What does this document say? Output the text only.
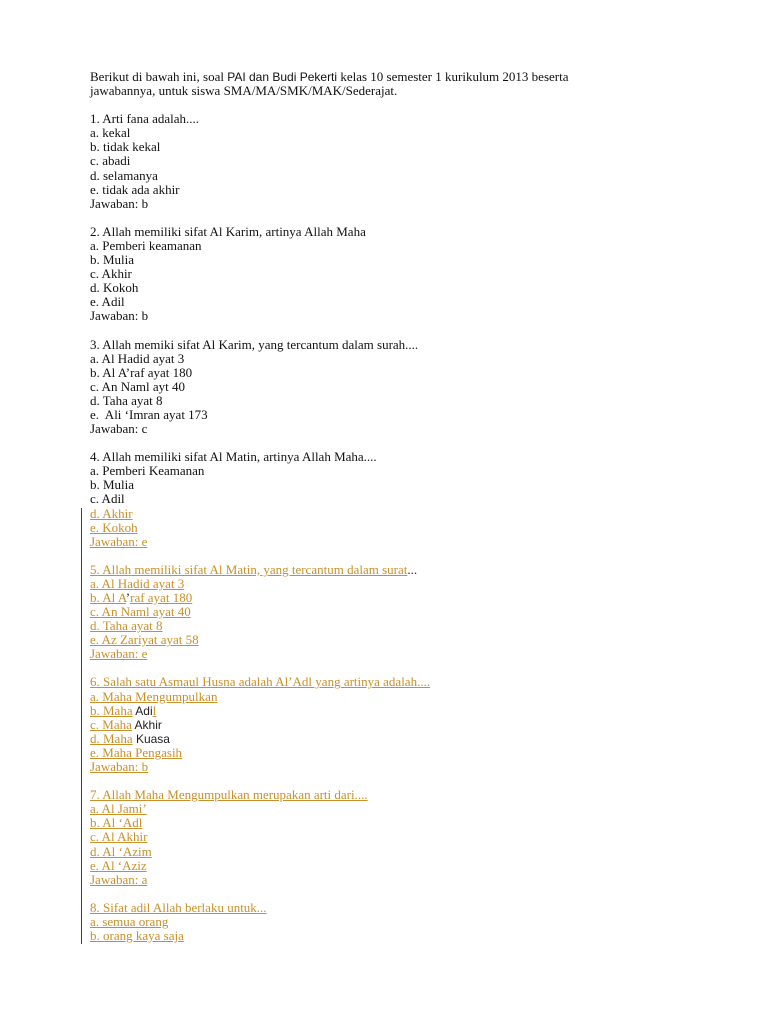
Berikut di bawah ini, soal PAI dan Budi Pekerti kelas 10 semester 1 kurikulum 2013 beserta
jawabannya, untuk siswa SMA/MA/SMK/MAK/Sederajat.
1. Arti fana adalah....
a. kekal
b. tidak kekal
c. abadi
d. selamanya
e. tidak ada akhir
Jawaban: b
2. Allah memiliki sifat Al Karim, artinya Allah Maha
a. Pemberi keamanan
b. Mulia
c. Akhir
d. Kokoh
e. Adil
Jawaban: b
3. Allah memiki sifat Al Karim, yang tercantum dalam surah....
a. Al Hadid ayat 3
b. Al A’raf ayat 180
c. An Naml ayt 40
d. Taha ayat 8
e.  Ali ‘Imran ayat 173
Jawaban: c
4. Allah memiliki sifat Al Matin, artinya Allah Maha....
a. Pemberi Keamanan
b. Mulia
c. Adil
d. Akhir
e. Kokoh
Jawaban: e
5. Allah memiliki sifat Al Matin, yang tercantum dalam surat...
a. Al Hadid ayat 3
b. Al A’raf ayat 180
c. An Naml ayat 40
d. Taha ayat 8
e. Az Zariyat ayat 58
Jawaban: e
6. Salah satu Asmaul Husna adalah Al’Adl yang artinya adalah....
a. Maha Mengumpulkan
b. Maha Adil
c. Maha Akhir
d. Maha Kuasa
e. Maha Pengasih
Jawaban: b
7. Allah Maha Mengumpulkan merupakan arti dari....
a. Al Jami’
b. Al ‘Adl
c. Al Akhir
d. Al ‘Azim
e. Al ‘Aziz
Jawaban: a
8. Sifat adil Allah berlaku untuk...
a. semua orang
b. orang kaya saja
